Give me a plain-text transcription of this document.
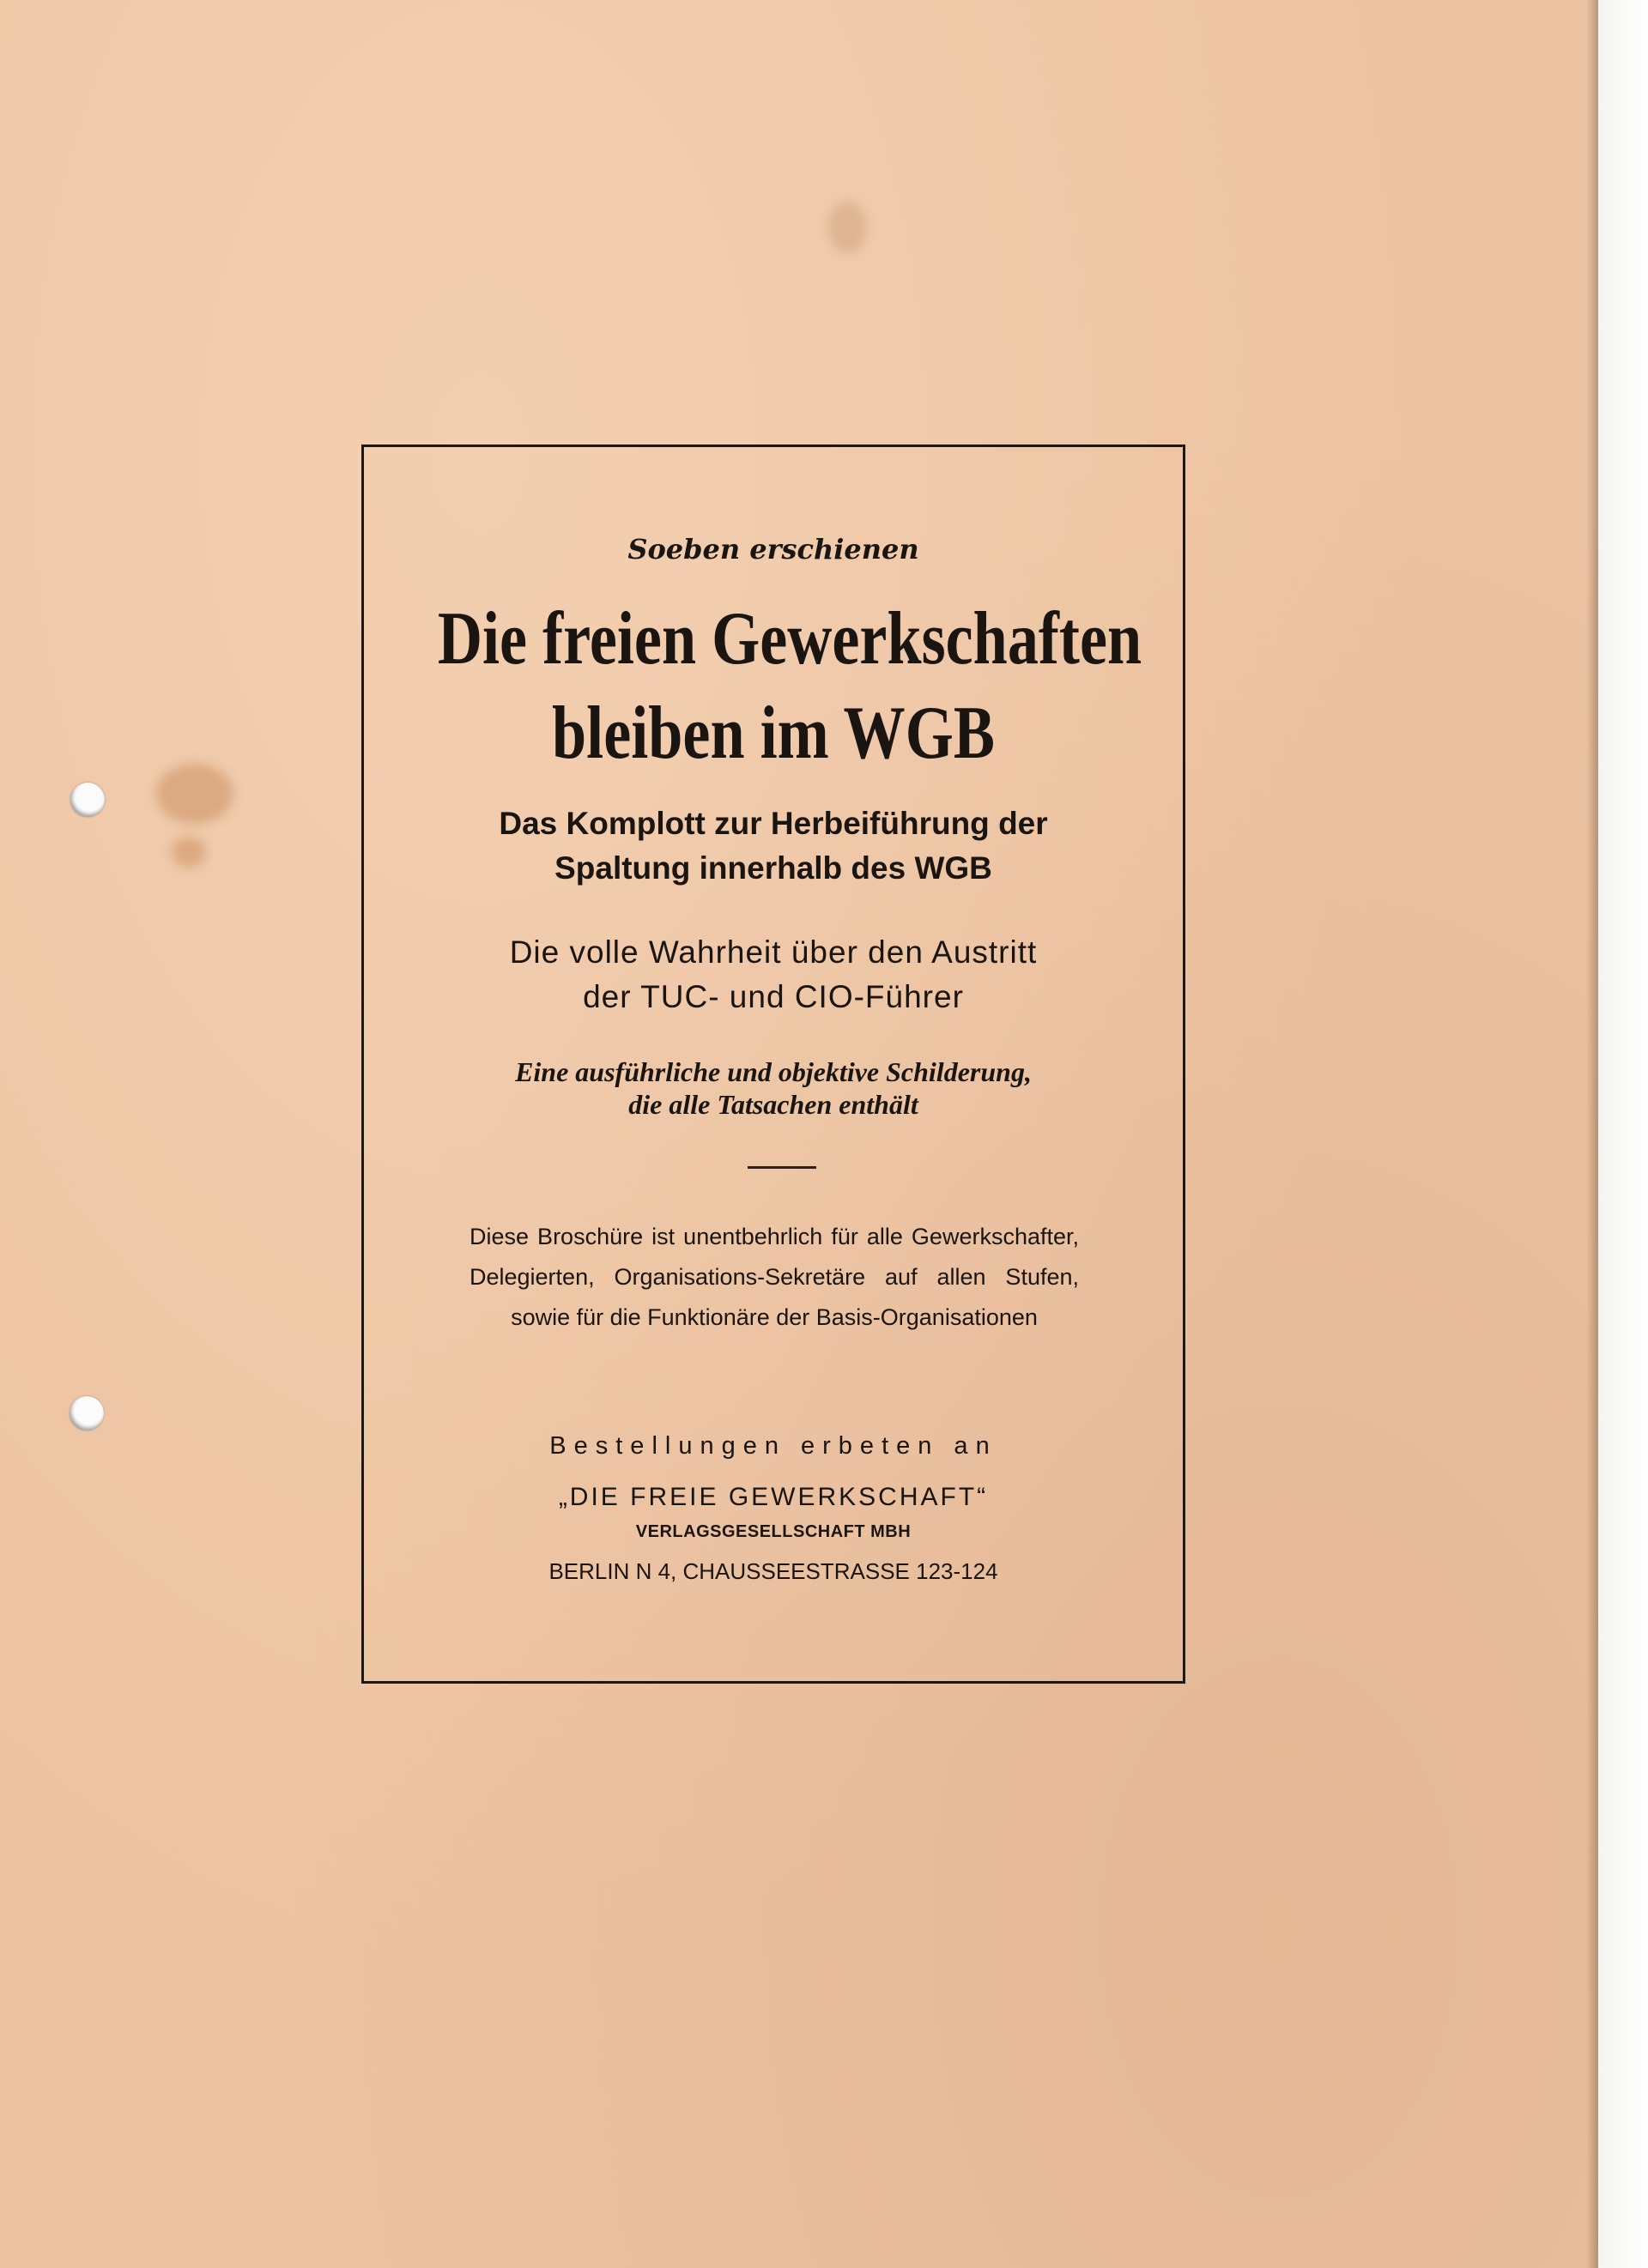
Soeben erschienen

Die freien Gewerkschaften

bleiben im WGB

Das Komplott zur Herbeiführung der

Spaltung innerhalb des WGB

Die volle Wahrheit über den Austritt

der TUC- und CIO-Führer

Eine ausführliche und objektive Schilderung,

die alle Tatsachen enthält

Diese Broschüre ist unentbehrlich für alle Gewerkschafter, Delegierten, Organisations-Sekretäre auf allen Stufen, sowie für die Funktionäre der Basis-Organisationen

Bestellungen erbeten an

„DIE FREIE GEWERKSCHAFT“

VERLAGSGESELLSCHAFT MBH

BERLIN N 4, CHAUSSEESTRASSE 123-124
